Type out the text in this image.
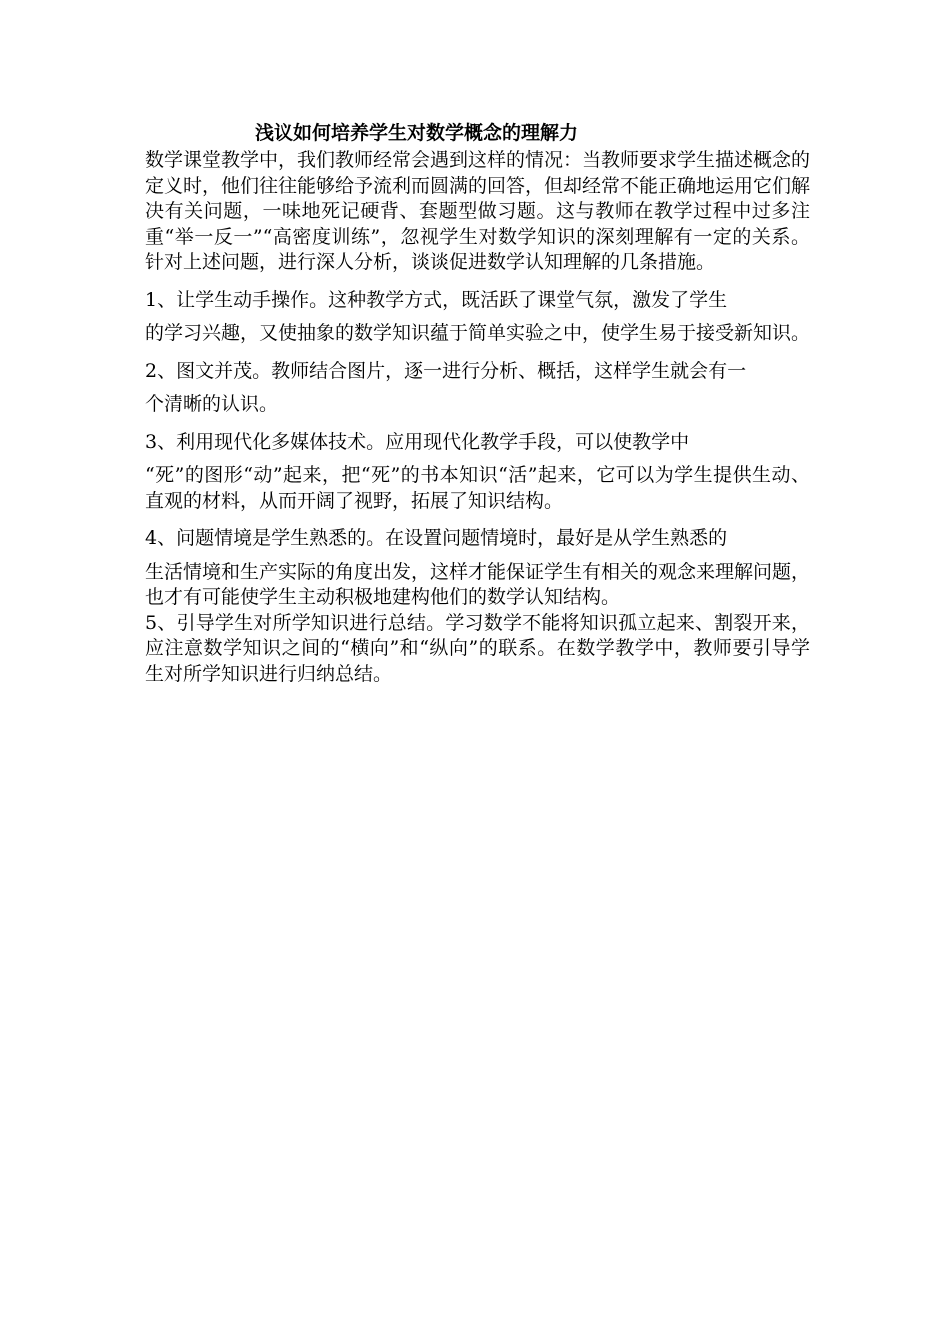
浅议如何培养学生对数学概念的理解力

数学课堂教学中，我们教师经常会遇到这样的情况：当教师要求学生描述概念的定义时，他们往往能够给予流利而圆满的回答，但却经常不能正确地运用它们解决有关问题，一味地死记硬背、套题型做习题。这与教师在教学过程中过多注重“举一反一”“高密度训练”，忽视学生对数学知识的深刻理解有一定的关系。针对上述问题，进行深人分析，谈谈促进数学认知理解的几条措施。

1、让学生动手操作。这种教学方式，既活跃了课堂气氛，激发了学生
的学习兴趣，又使抽象的数学知识蕴于简单实验之中，使学生易于接受新知识。

2、图文并茂。教师结合图片，逐一进行分析、概括，这样学生就会有一
个清晰的认识。

3、利用现代化多媒体技术。应用现代化教学手段，可以使教学中
“死”的图形“动”起来，把“死”的书本知识“活”起来，它可以为学生提供生动、直观的材料，从而开阔了视野，拓展了知识结构。

4、问题情境是学生熟悉的。在设置问题情境时，最好是从学生熟悉的
生活情境和生产实际的角度出发，这样才能保证学生有相关的观念来理解问题，也才有可能使学生主动积极地建构他们的数学认知结构。

5、引导学生对所学知识进行总结。学习数学不能将知识孤立起来、割裂开来，应注意数学知识之间的“横向”和“纵向”的联系。在数学教学中，教师要引导学生对所学知识进行归纳总结。
